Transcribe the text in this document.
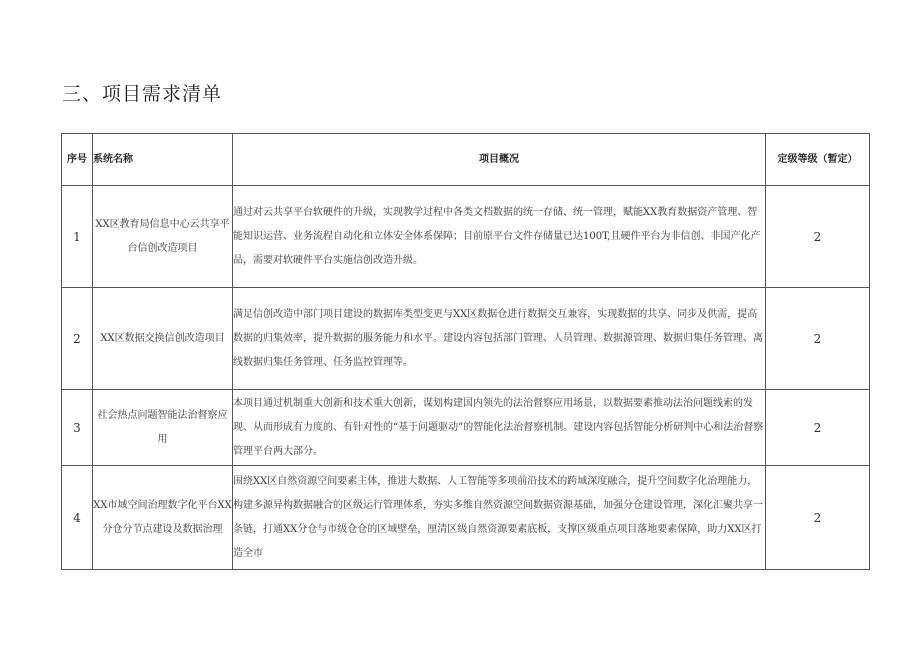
三、项目需求清单
序号	系统名称	项目概况	定级等级（暂定）
1	XX区教育局信息中心云共享平台信创改造项目	通过对云共享平台软硬件的升级，实现教学过程中各类文档数据的统一存储、统一管理，赋能XX教育数据资产管理、智能知识运营、业务流程自动化和立体安全体系保障；目前原平台文件存储量已达100T,且硬件平台为非信创、非国产化产品，需要对软硬件平台实施信创改造升级。	2
2	XX区数据交换信创改造项目	满足信创改造中部门项目建设的数据库类型变更与XX区数据仓进行数据交互兼容，实现数据的共享、同步及供需，提高数据的归集效率，提升数据的服务能力和水平。建设内容包括部门管理、人员管理、数据源管理、数据归集任务管理、离线数据归集任务管理、任务监控管理等。	2
3	社会热点问题智能法治督察应用	本项目通过机制重大创新和技术重大创新，谋划构建国内领先的法治督察应用场景，以数据要素推动法治问题线索的发现、从而形成有力度的、有针对性的“基于问题驱动”的智能化法治督察机制。建设内容包括智能分析研判中心和法治督察管理平台两大部分。	2
4	XX市域空间治理数字化平台XX分仓分节点建设及数据治理	围绕XX区自然资源空间要素主体，推进大数据、人工智能等多项前沿技术的跨域深度融合，提升空间数字化治理能力，构建多源异构数据融合的区级运行管理体系，夯实多维自然资源空间数据资源基础，加强分仓建设管理，深化汇聚共享一条链，打通XX分仓与市级仓仓的区域壁垒，厘清区级自然资源要素底板，支撑区级重点项目落地要素保障，助力XX区打造全市	2
